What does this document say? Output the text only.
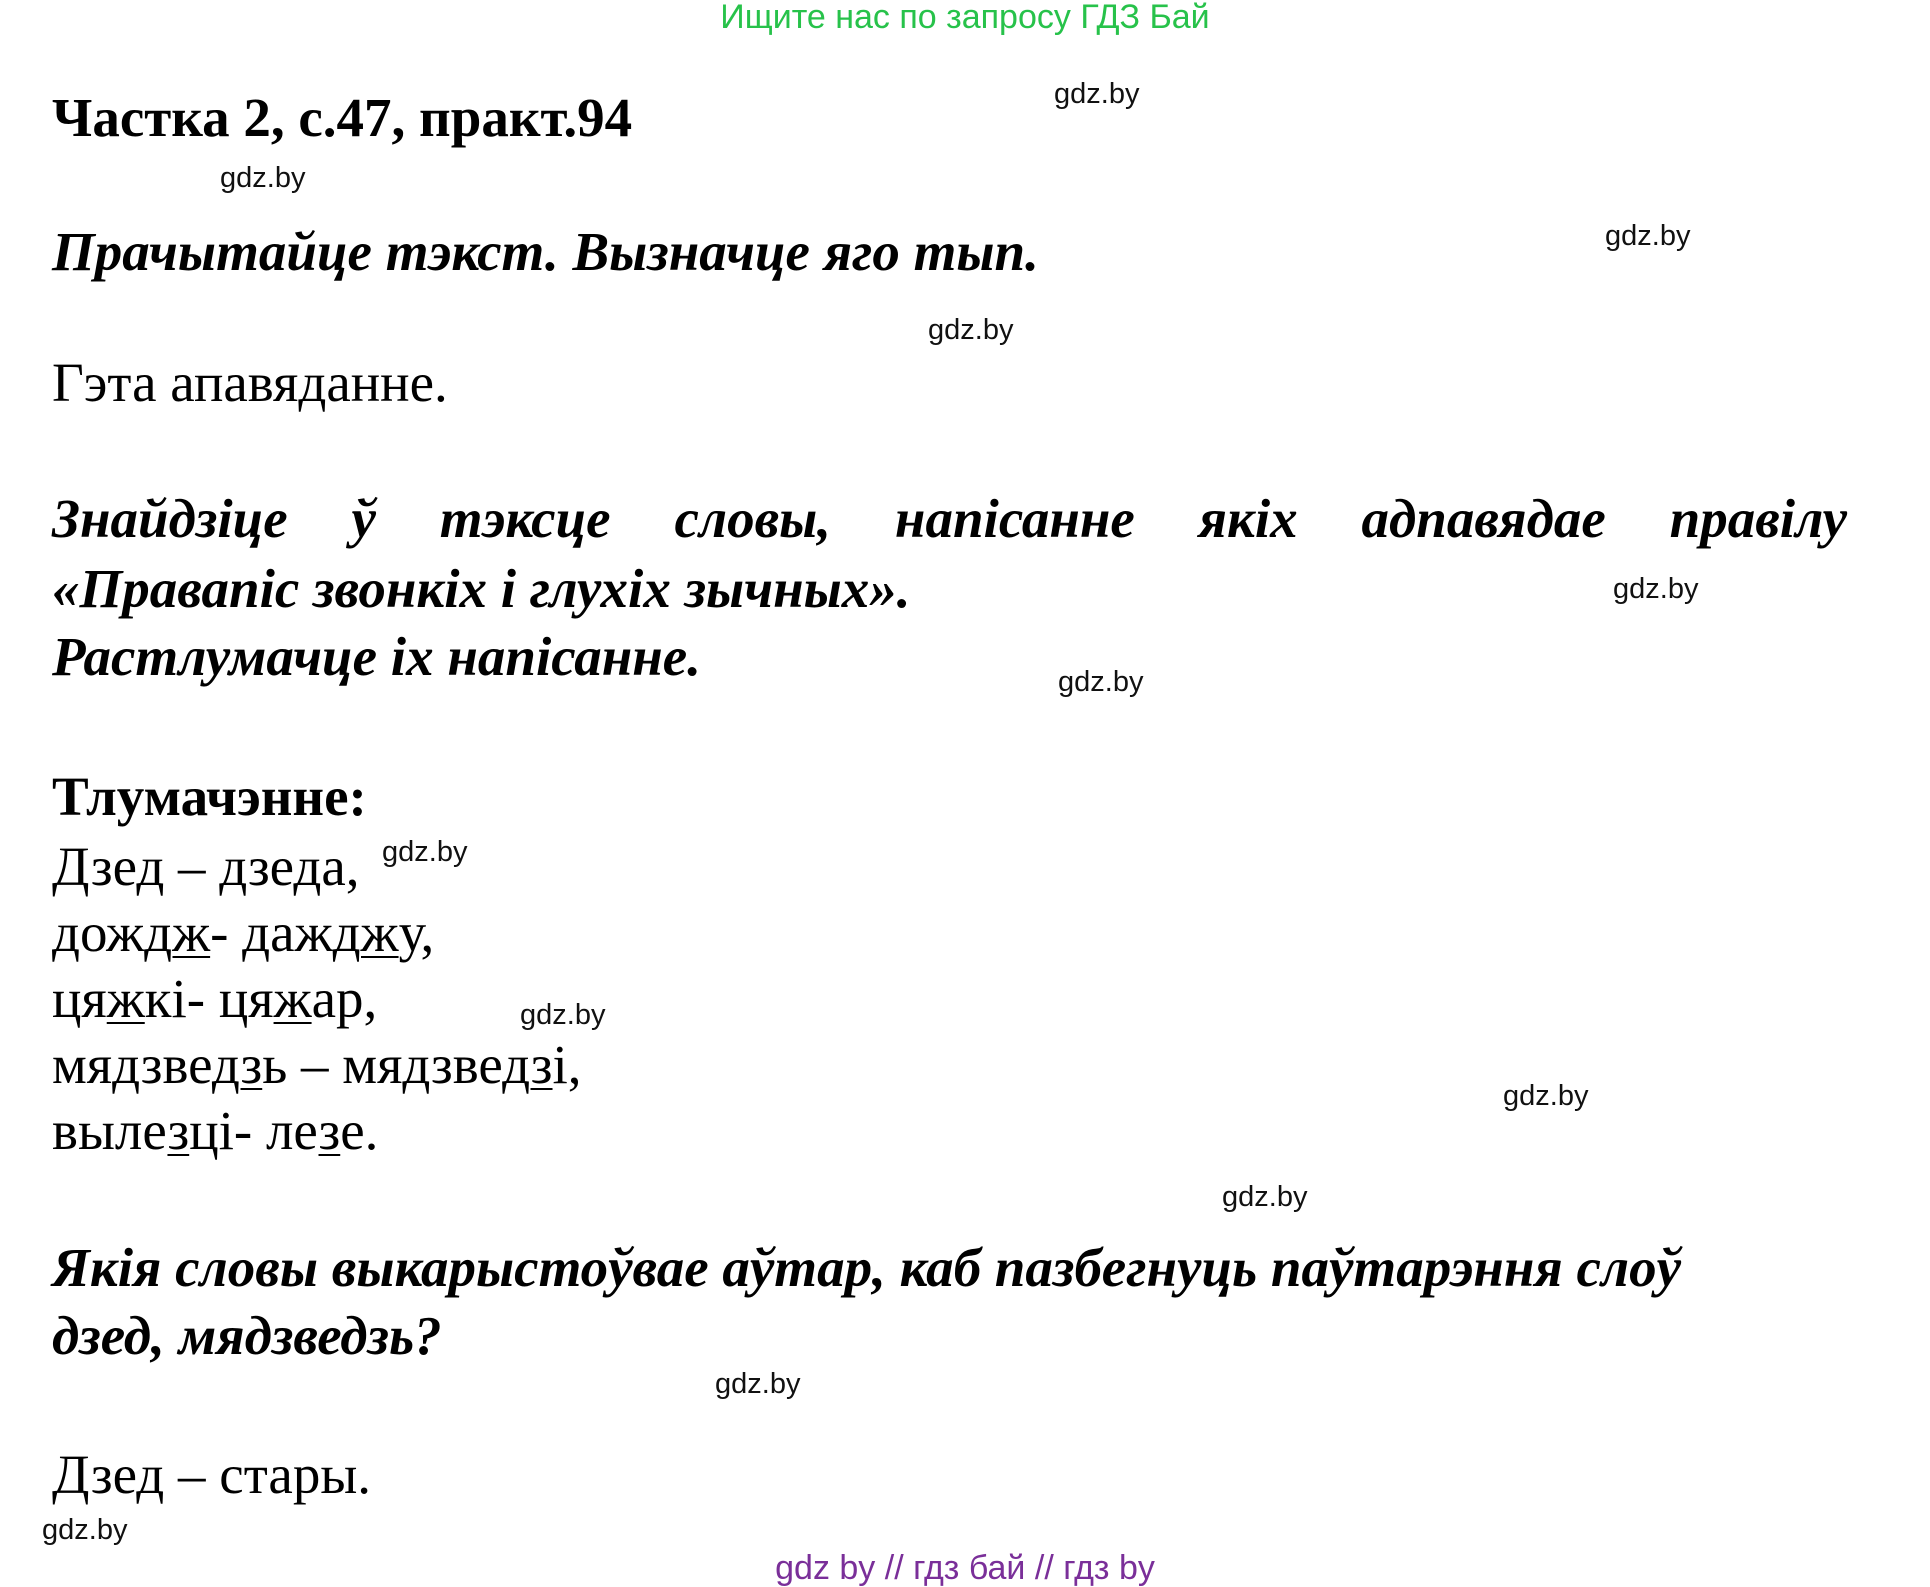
Ищите нас по запросу ГДЗ Бай
Частка 2, с.47, практ.94
Прачытайце тэкст. Вызначце яго тып.
Гэта апавяданне.
Знайдзіце ў тэксце словы, напісанне якіх адпавядае правілу
«Правапіс звонкіх і глухіх зычных».
Растлумачце іх напісанне.
Тлумачэнне:
Дзед – дзеда,
дождж- дажджу,
цяжкі- цяжар,
мядзведзь – мядзведзі,
вылезці- лезе.
Якія словы выкарыстоўвае аўтар, каб пазбегнуць паўтарэння слоў
дзед, мядзведзь?
Дзед – стары.
gdz.by
gdz.by
gdz.by
gdz.by
gdz.by
gdz.by
gdz.by
gdz.by
gdz.by
gdz.by
gdz.by
gdz.by
gdz by // гдз бай // гдз by
